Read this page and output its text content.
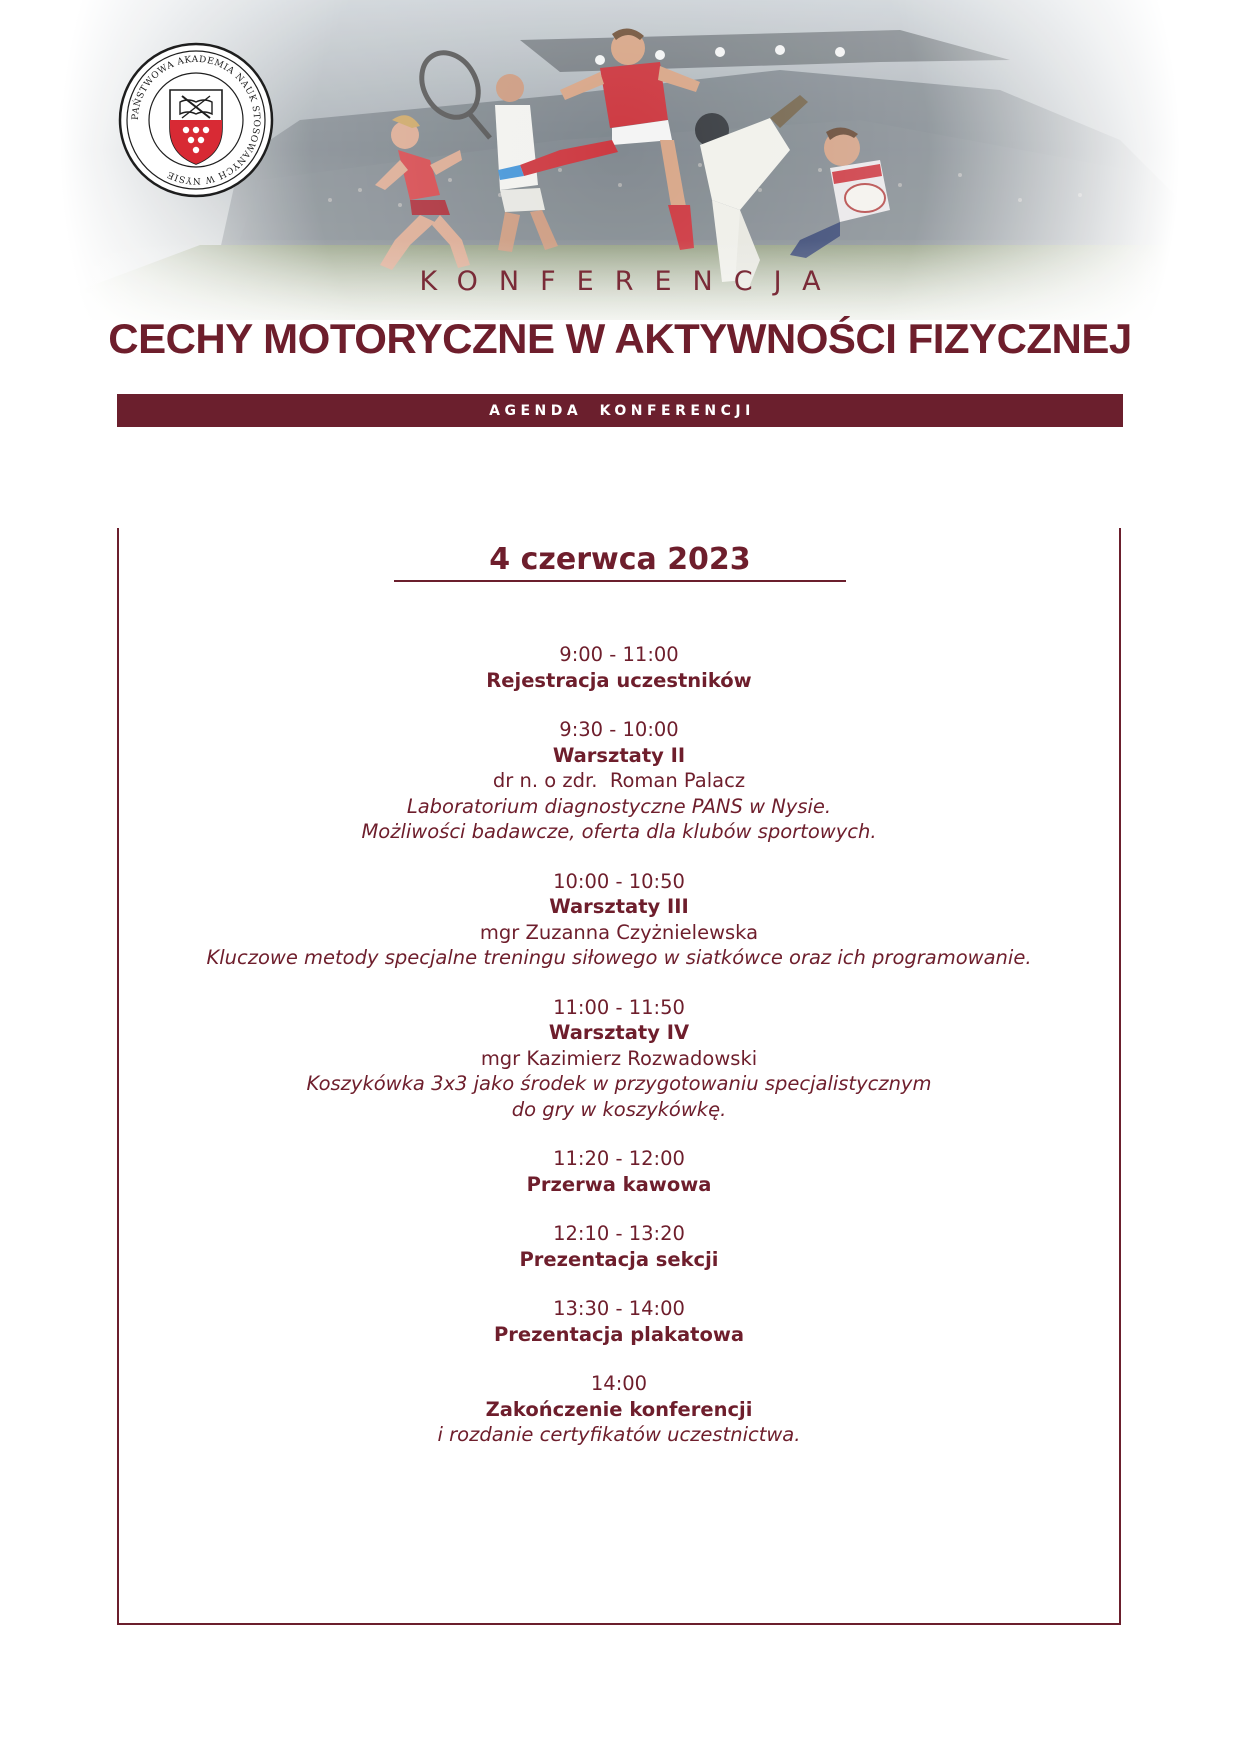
PAŃSTWOWA AKADEMIA NAUK STOSOWANYCH W NYSIE
KONFERENCJA
CECHY MOTORYCZNE W AKTYWNOŚCI FIZYCZNEJ
AGENDA KONFERENCJI
4 czerwca 2023
9:00 - 11:00
Rejestracja uczestników
9:30 - 10:00
Warsztaty II
dr n. o zdr.  Roman Palacz
Laboratorium diagnostyczne PANS w Nysie.
Możliwości badawcze, oferta dla klubów sportowych.
10:00 - 10:50
Warsztaty III
mgr Zuzanna Czyżnielewska
Kluczowe metody specjalne treningu siłowego w siatkówce oraz ich programowanie.
11:00 - 11:50
Warsztaty IV
mgr Kazimierz Rozwadowski
Koszykówka 3x3 jako środek w przygotowaniu specjalistycznym
do gry w koszykówkę.
11:20 - 12:00
Przerwa kawowa
12:10 - 13:20
Prezentacja sekcji
13:30 - 14:00
Prezentacja plakatowa
14:00
Zakończenie konferencji
i rozdanie certyfikatów uczestnictwa.
